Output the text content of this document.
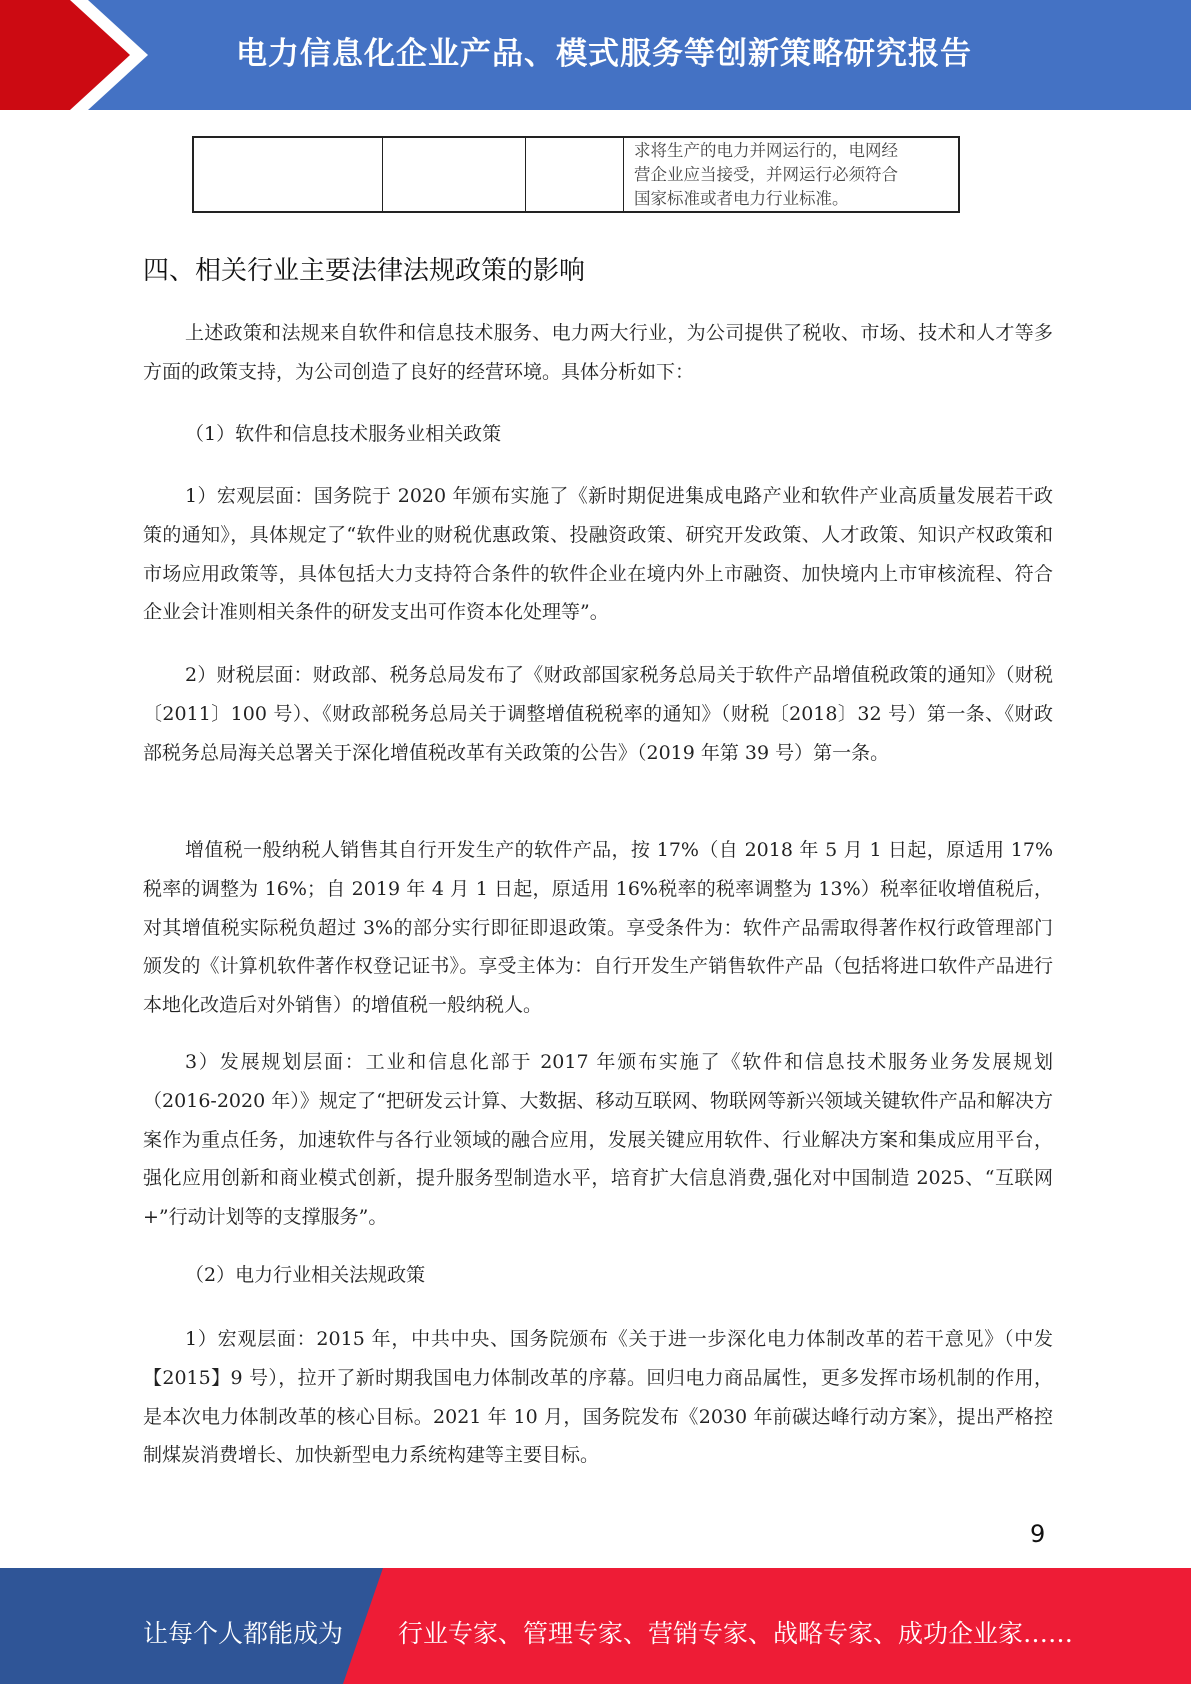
电力信息化企业产品、模式服务等创新策略研究报告
求将生产的电力并网运行的，电网经
营企业应当接受，并网运行必须符合
国家标准或者电力行业标准。
四、相关行业主要法律法规政策的影响

上述政策和法规来自软件和信息技术服务、电力两大行业，为公司提供了税收、市场、技术和人才等多方面的政策支持，为公司创造了良好的经营环境。具体分析如下：

（1）软件和信息技术服务业相关政策

1）宏观层面：国务院于 2020 年颁布实施了《新时期促进集成电路产业和软件产业高质量发展若干政策的通知》，具体规定了“软件业的财税优惠政策、投融资政策、研究开发政策、人才政策、知识产权政策和市场应用政策等，具体包括大力支持符合条件的软件企业在境内外上市融资、加快境内上市审核流程、符合企业会计准则相关条件的研发支出可作资本化处理等”。

2）财税层面：财政部、税务总局发布了《财政部国家税务总局关于软件产品增值税政策的通知》（财税〔2011〕100 号）、《财政部税务总局关于调整增值税税率的通知》（财税〔2018〕32 号）第一条、《财政部税务总局海关总署关于深化增值税改革有关政策的公告》（2019 年第 39 号）第一条。

增值税一般纳税人销售其自行开发生产的软件产品，按 17%（自 2018 年 5 月 1 日起，原适用 17%税率的调整为 16%；自 2019 年 4 月 1 日起，原适用 16%税率的税率调整为 13%）税率征收增值税后，对其增值税实际税负超过 3%的部分实行即征即退政策。享受条件为：软件产品需取得著作权行政管理部门颁发的《计算机软件著作权登记证书》。享受主体为：自行开发生产销售软件产品（包括将进口软件产品进行本地化改造后对外销售）的增值税一般纳税人。

3）发展规划层面：工业和信息化部于 2017 年颁布实施了《软件和信息技术服务业务发展规划（2016-2020 年）》规定了“把研发云计算、大数据、移动互联网、物联网等新兴领域关键软件产品和解决方案作为重点任务，加速软件与各行业领域的融合应用，发展关键应用软件、行业解决方案和集成应用平台，强化应用创新和商业模式创新，提升服务型制造水平，培育扩大信息消费,强化对中国制造 2025、“互联网+”行动计划等的支撑服务”。

（2）电力行业相关法规政策

1）宏观层面：2015 年，中共中央、国务院颁布《关于进一步深化电力体制改革的若干意见》（中发【2015】9 号），拉开了新时期我国电力体制改革的序幕。回归电力商品属性，更多发挥市场机制的作用，是本次电力体制改革的核心目标。2021 年 10 月，国务院发布《2030 年前碳达峰行动方案》，提出严格控制煤炭消费增长、加快新型电力系统构建等主要目标。

9
让每个人都能成为 行业专家、管理专家、营销专家、战略专家、成功企业家……
